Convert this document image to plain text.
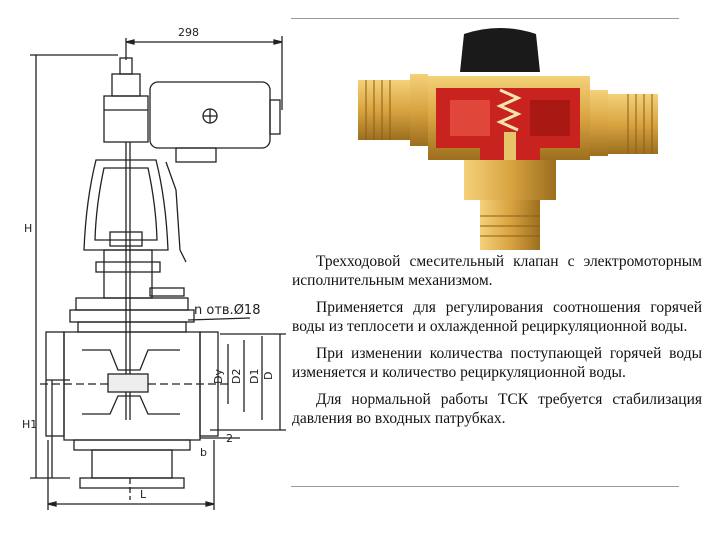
298
H
H1
n отв.Ø18
Dy D2 D1 D
b
2
L

Трехходовой смесительный клапан с электромоторным исполнительным механизмом.

Применяется для регулирования соотношения горячей воды из теплосети и охлажденной рециркуляционной воды.

При изменении количества поступающей горячей воды изменяется и количество рециркуляционной воды.

Для нормальной работы ТСК требуется стабилизация давления во входных патрубках.
